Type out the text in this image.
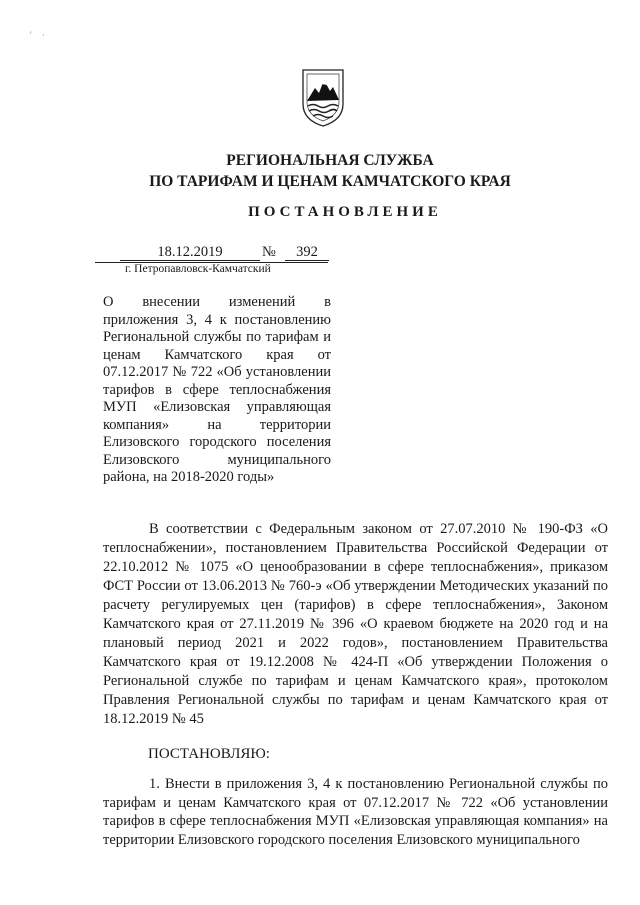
' ·
РЕГИОНАЛЬНАЯ СЛУЖБА
ПО ТАРИФАМ И ЦЕНАМ КАМЧАТСКОГО КРАЯ
ПОСТАНОВЛЕНИЕ
18.12.2019	№	392
г. Петропавловск-Камчатский
О внесении изменений в приложения 3, 4 к постановлению Региональной службы по тарифам и ценам Камчатского края от 07.12.2017 № 722 «Об установлении тарифов в сфере теплоснабжения МУП «Елизовская управляющая компания» на территории Елизовского городского поселения Елизовского муниципального района, на 2018-2020 годы»
В соответствии с Федеральным законом от 27.07.2010 № 190-ФЗ «О теплоснабжении», постановлением Правительства Российской Федерации от 22.10.2012 № 1075 «О ценообразовании в сфере теплоснабжения», приказом ФСТ России от 13.06.2013 № 760-э «Об утверждении Методических указаний по расчету регулируемых цен (тарифов) в сфере теплоснабжения», Законом Камчатского края от 27.11.2019 № 396 «О краевом бюджете на 2020 год и на плановый период 2021 и 2022 годов», постановлением Правительства Камчатского края от 19.12.2008 № 424-П «Об утверждении Положения о Региональной службе по тарифам и ценам Камчатского края», протоколом Правления Региональной службы по тарифам и ценам Камчатского края от 18.12.2019 № 45
ПОСТАНОВЛЯЮ:
1. Внести в приложения 3, 4 к постановлению Региональной службы по тарифам и ценам Камчатского края от 07.12.2017 № 722 «Об установлении тарифов в сфере теплоснабжения МУП «Елизовская управляющая компания» на территории Елизовского городского поселения Елизовского муниципального
